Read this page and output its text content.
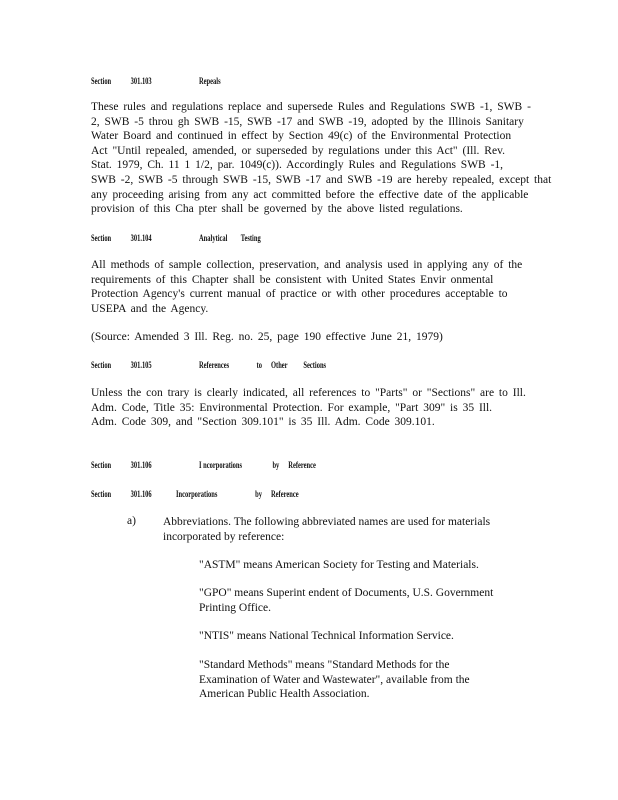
Section 301.103	Repeals
These rules and regulations replace and supersede Rules and Regulations SWB -1, SWB -
2, SWB -5 throu gh SWB -15, SWB -17 and SWB -19, adopted by the Illinois Sanitary
Water Board and continued in effect by Section 49(c) of the Environmental Protection
Act "Until repealed, amended, or superseded by regulations under this Act" (Ill. Rev.
Stat. 1979, Ch. 11 1 1/2, par. 1049(c)). Accordingly Rules and Regulations SWB -1,
SWB -2, SWB -5 through SWB -15, SWB -17 and SWB -19 are hereby repealed, except that
any proceeding arising from any act committed before the effective date of the applicable
provision of this Cha pter shall be governed by the above listed regulations.
Section 301.104	Analytical Testing
All methods of sample collection, preservation, and analysis used in applying any of the
requirements of this Chapter shall be consistent with United States Envir onmental
Protection Agency's current manual of practice or with other procedures acceptable to
USEPA and the Agency.
(Source: Amended 3 Ill. Reg. no. 25, page 190 effective June 21, 1979)
Section 301.105	References	to Other Sections
Unless the con trary is clearly indicated, all references to "Parts" or "Sections" are to Ill.
Adm. Code, Title 35: Environmental Protection. For example, "Part 309" is 35 Ill.
Adm. Code 309, and "Section 309.101" is 35 Ill. Adm. Code 309.101.
Section 301.106	I ncorporations	by Reference
Section 301.106	Incorporations	by Reference
a) Abbreviations. The following abbreviated names are used for materials
incorporated by reference:
"ASTM" means American Society for Testing and Materials.
"GPO" means Superint endent of Documents, U.S. Government
Printing Office.
"NTIS" means National Technical Information Service.
"Standard Methods" means "Standard Methods for the
Examination of Water and Wastewater", available from the
American Public Health Association.
